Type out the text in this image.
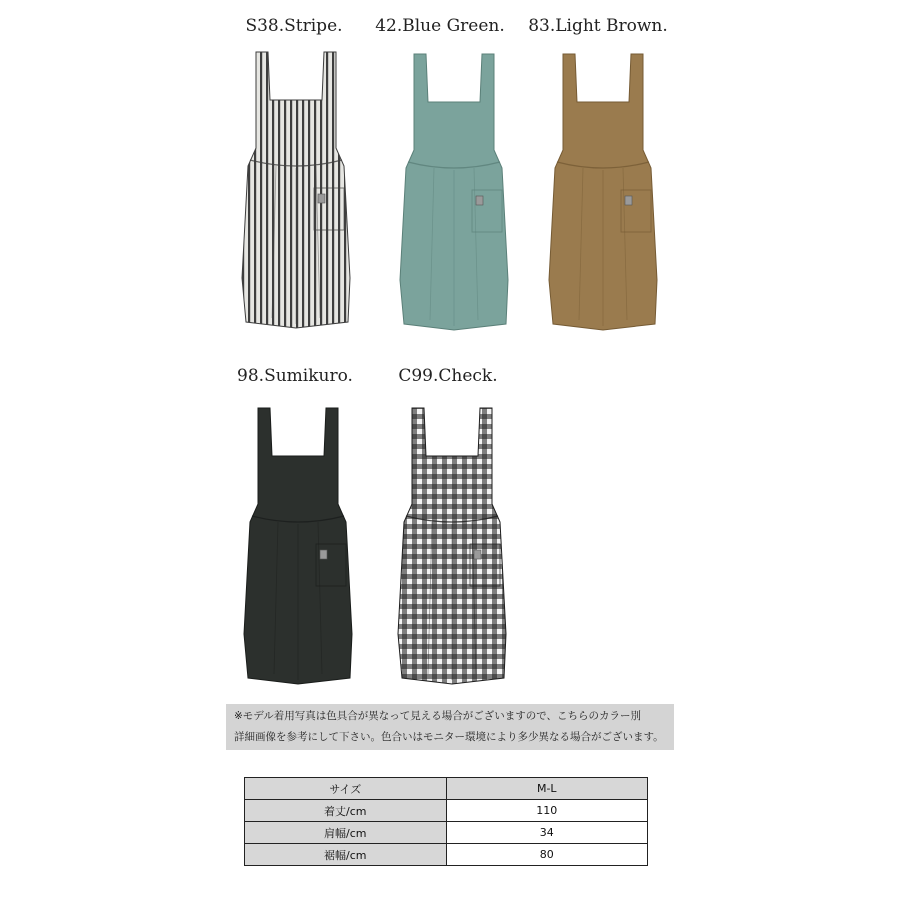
S38.Stripe. 42.Blue Green. 83.Light Brown.
98.Sumikuro.	C99.Check.
※モデル着用写真は色具合が異なって見える場合がございますので、こちらのカラー別
詳細画像を参考にして下さい。色合いはモニター環境により多少異なる場合がございます。
サイズ	M-L
着丈/cm	110
肩幅/cm	34
裾幅/cm	80
